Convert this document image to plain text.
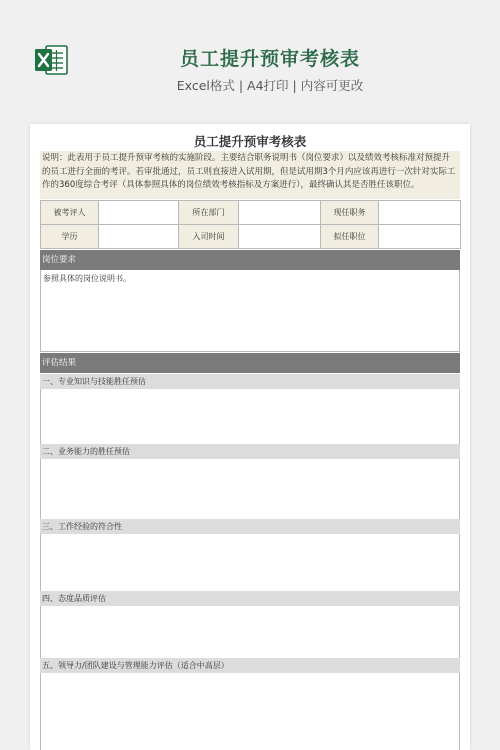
员工提升预审考核表
Excel格式 | A4打印 | 内容可更改
员工提升预审考核表
说明：此表用于员工提升预审考核的实施阶段。主要结合职务说明书（岗位要求）以及绩效考核标准对预提升的员工进行全面的考评。若审批通过，员工则直接进入试用期，但是试用期3个月内应该再进行一次针对实际工作的360度综合考评（具体参照具体的岗位绩效考核指标及方案进行），最终确认其是否胜任该职位。
被考评人		所在部门		现任职务	
学历		入司时间		拟任职位	
岗位要求
参照具体的岗位说明书。
评估结果
一、专业知识与技能胜任预估
二、业务能力的胜任预估
三、工作经验的符合性
四、态度品质评估
五、领导力/团队建设与管理能力评估（适合中高层）
